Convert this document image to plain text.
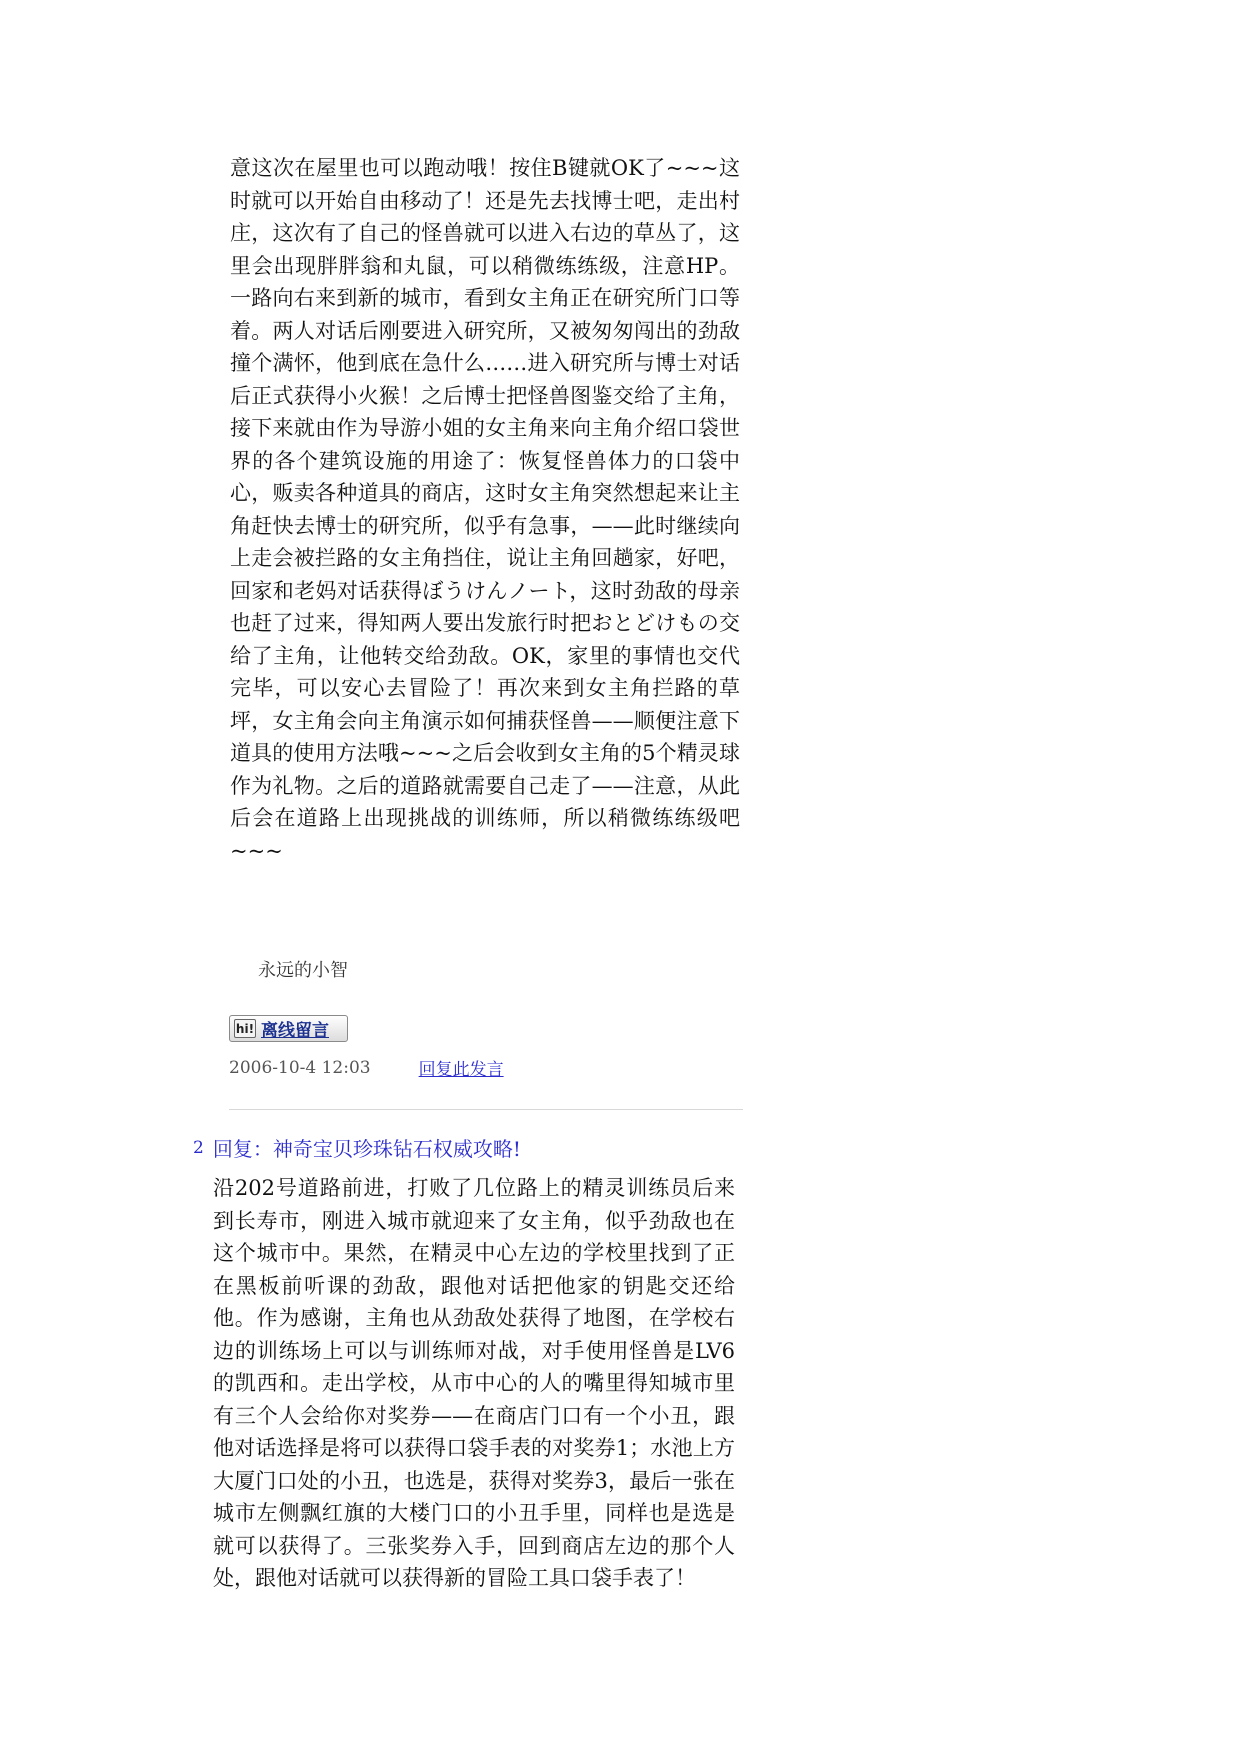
意这次在屋里也可以跑动哦！按住B键就OK了~~~这时就可以开始自由移动了！还是先去找博士吧，走出村庄，这次有了自己的怪兽就可以进入右边的草丛了，这里会出现胖胖翁和丸鼠，可以稍微练练级，注意HP。一路向右来到新的城市，看到女主角正在研究所门口等着。两人对话后刚要进入研究所，又被匆匆闯出的劲敌撞个满怀，他到底在急什么……进入研究所与博士对话后正式获得小火猴！之后博士把怪兽图鉴交给了主角，接下来就由作为导游小姐的女主角来向主角介绍口袋世界的各个建筑设施的用途了：恢复怪兽体力的口袋中心，贩卖各种道具的商店，这时女主角突然想起来让主角赶快去博士的研究所，似乎有急事，——此时继续向上走会被拦路的女主角挡住，说让主角回趟家，好吧，回家和老妈对话获得ぼうけんノート，这时劲敌的母亲也赶了过来，得知两人要出发旅行时把おとどけもの交给了主角，让他转交给劲敌。OK，家里的事情也交代完毕，可以安心去冒险了！再次来到女主角拦路的草坪，女主角会向主角演示如何捕获怪兽——顺便注意下道具的使用方法哦~~~之后会收到女主角的5个精灵球作为礼物。之后的道路就需要自己走了——注意，从此后会在道路上出现挑战的训练师，所以稍微练练级吧~~~

永远的小智
hi! 离线留言
2006-10-4 12:03	回复此发言
2 回复：神奇宝贝珍珠钻石权威攻略!

沿202号道路前进，打败了几位路上的精灵训练员后来到长寿市，刚进入城市就迎来了女主角，似乎劲敌也在这个城市中。果然，在精灵中心左边的学校里找到了正在黑板前听课的劲敌，跟他对话把他家的钥匙交还给他。作为感谢，主角也从劲敌处获得了地图，在学校右边的训练场上可以与训练师对战，对手使用怪兽是LV6的凯西和。走出学校，从市中心的人的嘴里得知城市里有三个人会给你对奖券——在商店门口有一个小丑，跟他对话选择是将可以获得口袋手表的对奖券1；水池上方大厦门口处的小丑，也选是，获得对奖券3，最后一张在城市左侧飘红旗的大楼门口的小丑手里，同样也是选是就可以获得了。三张奖券入手，回到商店左边的那个人处，跟他对话就可以获得新的冒险工具口袋手表了！
